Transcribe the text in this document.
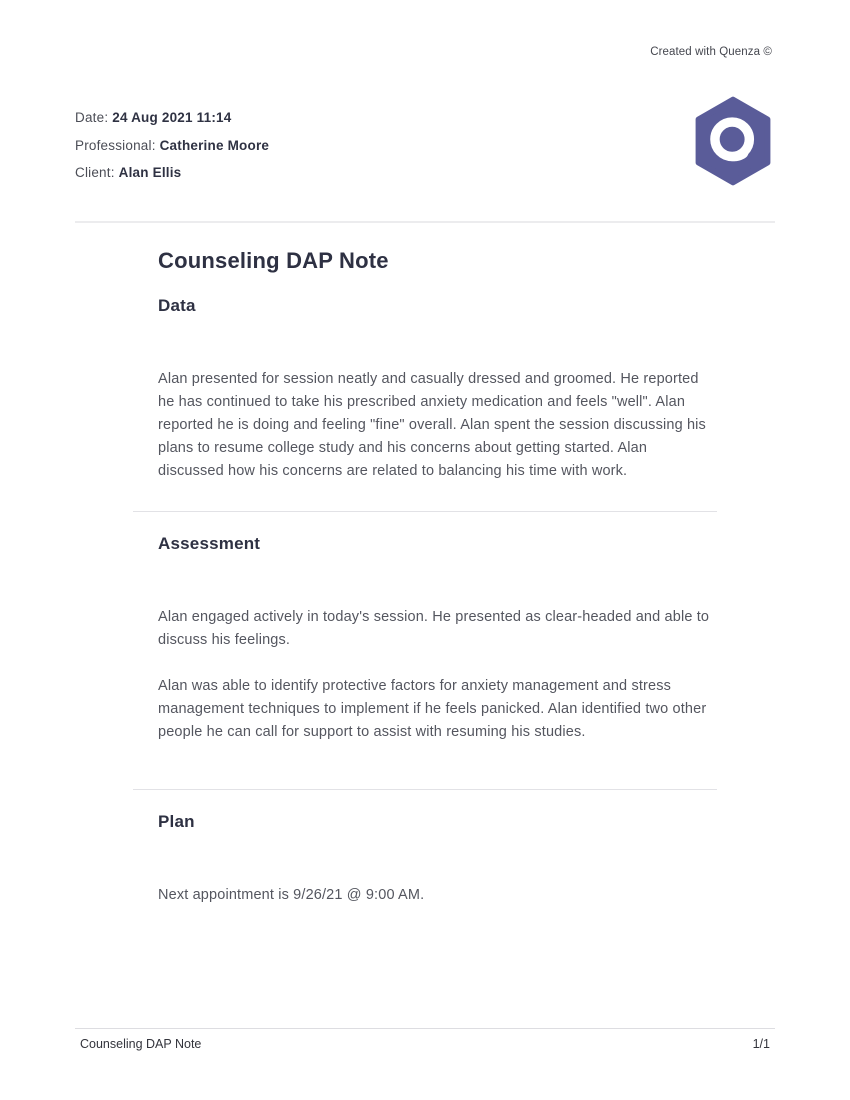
Created with Quenza ©
Date: 24 Aug 2021 11:14
Professional: Catherine Moore
Client: Alan Ellis
Counseling DAP Note
Data

Alan presented for session neatly and casually dressed and groomed. He reported he has continued to take his prescribed anxiety medication and feels "well". Alan reported he is doing and feeling "fine" overall. Alan spent the session discussing his plans to resume college study and his concerns about getting started. Alan discussed how his concerns are related to balancing his time with work.

Assessment

Alan engaged actively in today's session. He presented as clear-headed and able to discuss his feelings.

Alan was able to identify protective factors for anxiety management and stress management techniques to implement if he feels panicked. Alan identified two other people he can call for support to assist with resuming his studies.

Plan

Next appointment is 9/26/21 @ 9:00 AM.

Counseling DAP Note	1/1
